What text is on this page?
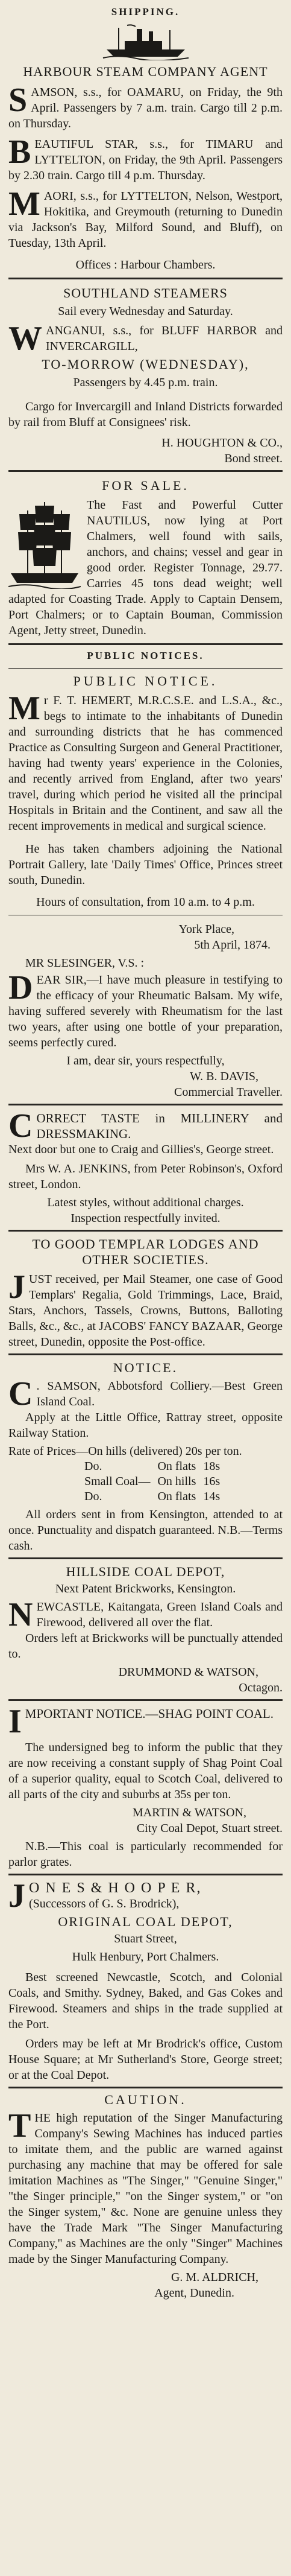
SHIPPING.
HARBOUR STEAM COMPANY AGENT
S AMSON, s.s., for OAMARU, on Friday, the 9th April. Passengers by 7 a.m. train. Cargo till 2 p.m. on Thursday.

B EAUTIFUL STAR, s.s., for TIMARU and LYTTELTON, on Friday, the 9th April. Passengers by 2.30 train. Cargo till 4 p.m. Thursday.

M AORI, s.s., for LYTTELTON, Nelson, Westport, Hokitika, and Greymouth (returning to Dunedin via Jackson's Bay, Milford Sound, and Bluff), on Tuesday, 13th April.

Offices : Harbour Chambers.
SOUTHLAND STEAMERS
Sail every Wednesday and Saturday.
W ANGANUI, s.s., for BLUFF HARBOR and INVERCARGILL,

TO-MORROW (WEDNESDAY),
Passengers by 4.45 p.m. train.

Cargo for Invercargill and Inland Districts forwarded by rail from Bluff at Consignees' risk.

H. HOUGHTON & CO.,
Bond street.
FOR SALE.

The Fast and Powerful Cutter NAUTILUS, now lying at Port Chalmers, well found with sails, anchors, and chains; vessel and gear in good order. Register Tonnage, 29.77. Carries 45 tons dead weight; well adapted for Coasting Trade. Apply to Captain Densem, Port Chalmers; or to Captain Bouman, Commission Agent, Jetty street, Dunedin.

PUBLIC NOTICES.
PUBLIC NOTICE.
M r F. T. HEMERT, M.R.C.S.E. and L.S.A., &c., begs to intimate to the inhabitants of Dunedin and surrounding districts that he has commenced Practice as Consulting Surgeon and General Practitioner, having had twenty years' experience in the Colonies, and recently arrived from England, after two years' travel, during which period he visited all the principal Hospitals in Britain and the Continent, and saw all the recent improvements in medical and surgical science.

He has taken chambers adjoining the National Portrait Gallery, late 'Daily Times' Office, Princes street south, Dunedin.

Hours of consultation, from 10 a.m. to 4 p.m.
York Place,
5th April, 1874.
MR SLESINGER, V.S. :
D EAR SIR,—I have much pleasure in testifying to the efficacy of your Rheumatic Balsam. My wife, having suffered severely with Rheumatism for the last two years, after using one bottle of your preparation, seems perfectly cured.

I am, dear sir, yours respectfully,
W. B. DAVIS,
Commercial Traveller.
C ORRECT TASTE in MILLINERY and DRESSMAKING.

Next door but one to Craig and Gillies's, George street.

Mrs W. A. JENKINS, from Peter Robinson's, Oxford street, London.

Latest styles, without additional charges.
Inspection respectfully invited.
TO GOOD TEMPLAR LODGES AND OTHER SOCIETIES.
J UST received, per Mail Steamer, one case of Good Templars' Regalia, Gold Trimmings, Lace, Braid, Stars, Anchors, Tassels, Crowns, Buttons, Balloting Balls, &c., &c., at JACOBS' FANCY BAZAAR, George street, Dunedin, opposite the Post-office.

NOTICE.
C . SAMSON, Abbotsford Colliery.—Best Green Island Coal.

Apply at the Little Office, Rattray street, opposite Railway Station.

Rate of Prices—On hills (delivered) 20s per ton.

Do.	On flats	18s
Small Coal—	On hills	16s
Do.	On flats	14s

All orders sent in from Kensington, attended to at once. Punctuality and dispatch guaranteed. N.B.—Terms cash.

HILLSIDE COAL DEPOT,
Next Patent Brickworks, Kensington.
N EWCASTLE, Kaitangata, Green Island Coals and Firewood, delivered all over the flat.

Orders left at Brickworks will be punctually attended to.

DRUMMOND & WATSON,
Octagon.
I MPORTANT NOTICE.—SHAG POINT COAL.

The undersigned beg to inform the public that they are now receiving a constant supply of Shag Point Coal of a superior quality, equal to Scotch Coal, delivered to all parts of the city and suburbs at 35s per ton.

MARTIN & WATSON,
City Coal Depot, Stuart street.

N.B.—This coal is particularly recommended for parlor grates.

J O N E S & H O O P E R,
(Successors of G. S. Brodrick),
ORIGINAL COAL DEPOT,
Stuart Street,
Hulk Henbury, Port Chalmers.

Best screened Newcastle, Scotch, and Colonial Coals, and Smithy. Sydney, Baked, and Gas Cokes and Firewood. Steamers and ships in the trade supplied at the Port.

Orders may be left at Mr Brodrick's office, Custom House Square; at Mr Sutherland's Store, George street; or at the Coal Depot.

CAUTION.
T HE high reputation of the Singer Manufacturing Company's Sewing Machines has induced parties to imitate them, and the public are warned against purchasing any machine that may be offered for sale imitation Machines as "The Singer," "Genuine Singer," "the Singer principle," "on the Singer system," or "on the Singer system," &c. None are genuine unless they have the Trade Mark "The Singer Manufacturing Company," as Machines are the only "Singer" Machines made by the Singer Manufacturing Company.

G. M. ALDRICH,
Agent, Dunedin.
